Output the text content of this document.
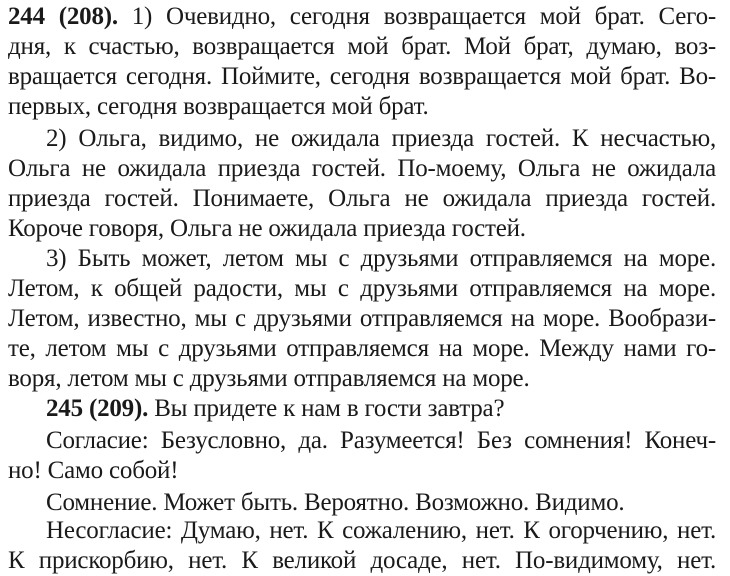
244 (208). 1) Очевидно, сегодня возвращается мой брат. Сего-
дня, к счастью, возвращается мой брат. Мой брат, думаю, воз-
вращается сегодня. Поймите, сегодня возвращается мой брат. Во-
первых, сегодня возвращается мой брат.
2) Ольга, видимо, не ожидала приезда гостей. К несчастью,
Ольга не ожидала приезда гостей. По-моему, Ольга не ожидала
приезда гостей. Понимаете, Ольга не ожидала приезда гостей.
Короче говоря, Ольга не ожидала приезда гостей.
3) Быть может, летом мы с друзьями отправляемся на море.
Летом, к общей радости, мы с друзьями отправляемся на море.
Летом, известно, мы с друзьями отправляемся на море. Вообрази-
те, летом мы с друзьями отправляемся на море. Между нами го-
воря, летом мы с друзьями отправляемся на море.
245 (209). Вы придете к нам в гости завтра?
Согласие: Безусловно, да. Разумеется! Без сомнения! Конеч-
но! Само собой!
Сомнение. Может быть. Вероятно. Возможно. Видимо.
Несогласие: Думаю, нет. К сожалению, нет. К огорчению, нет.
К прискорбию, нет. К великой досаде, нет. По-видимому, нет.
